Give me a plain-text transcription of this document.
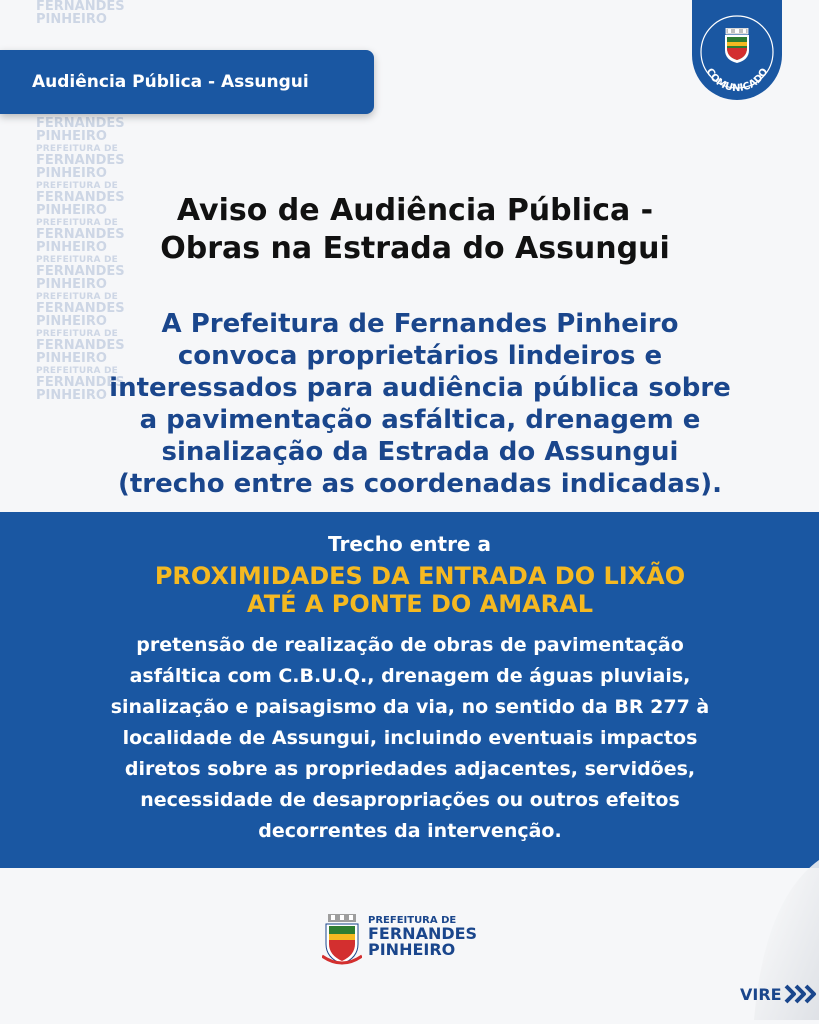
FERNANDES
PINHEIRO
FERNANDES
PINHEIRO
PREFEITURA DE
FERNANDES
PINHEIRO
PREFEITURA DE
FERNANDES
PINHEIRO
PREFEITURA DE
FERNANDES
PINHEIRO
PREFEITURA DE
FERNANDES
PINHEIRO
PREFEITURA DE
FERNANDES
PINHEIRO
PREFEITURA DE
FERNANDES
PINHEIRO
PREFEITURA DE
FERNANDES
PINHEIRO
Audiência Pública - Assungui	COMUNICADO
Aviso de Audiência Pública -
Obras na Estrada do Assungui
A Prefeitura de Fernandes Pinheiro
convoca proprietários lindeiros e
interessados para audiência pública sobre
a pavimentação asfáltica, drenagem e
sinalização da Estrada do Assungui
(trecho entre as coordenadas indicadas).
Trecho entre a
PROXIMIDADES DA ENTRADA DO LIXÃO
ATÉ A PONTE DO AMARAL
pretensão de realização de obras de pavimentação
asfáltica com C.B.U.Q., drenagem de águas pluviais,
sinalização e paisagismo da via, no sentido da BR 277 à
localidade de Assungui, incluindo eventuais impactos
diretos sobre as propriedades adjacentes, servidões,
necessidade de desapropriações ou outros efeitos
decorrentes da intervenção.
PREFEITURA DE
FERNANDES
PINHEIRO
VIRE
